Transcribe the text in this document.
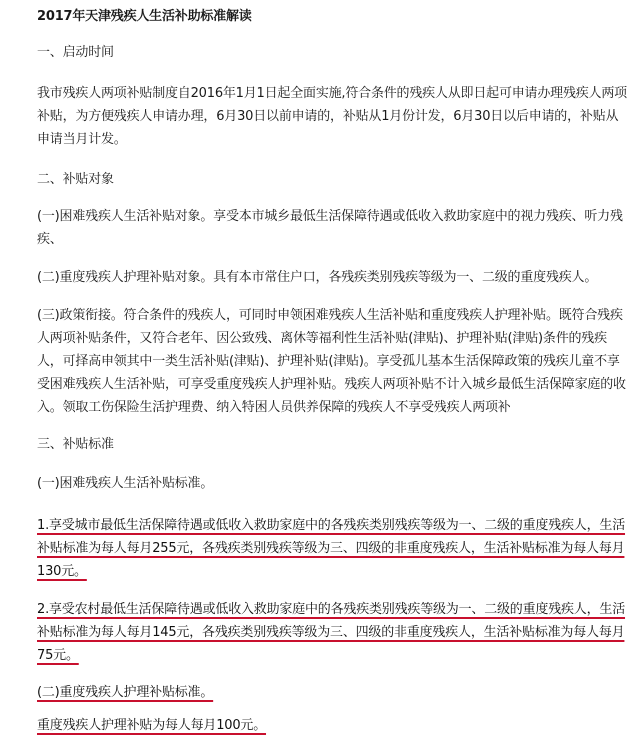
2017年天津残疾人生活补助标准解读

一、启动时间

我市残疾人两项补贴制度自2016年1月1日起全面实施,符合条件的残疾人从即日起可申请办理残疾人两项补贴，为方便残疾人申请办理，6月30日以前申请的，补贴从1月份计发，6月30日以后申请的，补贴从申请当月计发。

二、补贴对象

(一)困难残疾人生活补贴对象。享受本市城乡最低生活保障待遇或低收入救助家庭中的视力残疾、听力残疾、

(二)重度残疾人护理补贴对象。具有本市常住户口，各残疾类别残疾等级为一、二级的重度残疾人。

(三)政策衔接。符合条件的残疾人，可同时申领困难残疾人生活补贴和重度残疾人护理补贴。既符合残疾人两项补贴条件，又符合老年、因公致残、离休等福利性生活补贴(津贴)、护理补贴(津贴)条件的残疾人，可择高申领其中一类生活补贴(津贴)、护理补贴(津贴)。享受孤儿基本生活保障政策的残疾儿童不享受困难残疾人生活补贴，可享受重度残疾人护理补贴。残疾人两项补贴不计入城乡最低生活保障家庭的收入。领取工伤保险生活护理费、纳入特困人员供养保障的残疾人不享受残疾人两项补

三、补贴标准

(一)困难残疾人生活补贴标准。

1.享受城市最低生活保障待遇或低收入救助家庭中的各残疾类别残疾等级为一、二级的重度残疾人，生活补贴标准为每人每月255元，各残疾类别残疾等级为三、四级的非重度残疾人，生活补贴标准为每人每月130元。

2.享受农村最低生活保障待遇或低收入救助家庭中的各残疾类别残疾等级为一、二级的重度残疾人，生活补贴标准为每人每月145元，各残疾类别残疾等级为三、四级的非重度残疾人，生活补贴标准为每人每月75元。

(二)重度残疾人护理补贴标准。

重度残疾人护理补贴为每人每月100元。
